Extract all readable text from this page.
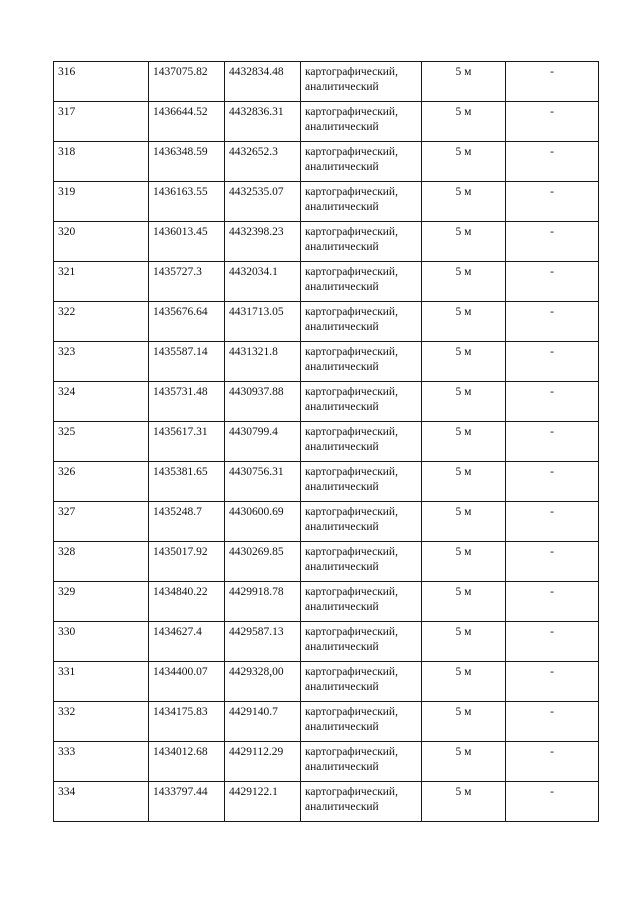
316	1437075.82	4432834.48	картографический, аналитический	5 м	-
317	1436644.52	4432836.31	картографический, аналитический	5 м	-
318	1436348.59	4432652.3	картографический, аналитический	5 м	-
319	1436163.55	4432535.07	картографический, аналитический	5 м	-
320	1436013.45	4432398.23	картографический, аналитический	5 м	-
321	1435727.3	4432034.1	картографический, аналитический	5 м	-
322	1435676.64	4431713.05	картографический, аналитический	5 м	-
323	1435587.14	4431321.8	картографический, аналитический	5 м	-
324	1435731.48	4430937.88	картографический, аналитический	5 м	-
325	1435617.31	4430799.4	картографический, аналитический	5 м	-
326	1435381.65	4430756.31	картографический, аналитический	5 м	-
327	1435248.7	4430600.69	картографический, аналитический	5 м	-
328	1435017.92	4430269.85	картографический, аналитический	5 м	-
329	1434840.22	4429918.78	картографический, аналитический	5 м	-
330	1434627.4	4429587.13	картографический, аналитический	5 м	-
331	1434400.07	4429328,00	картографический, аналитический	5 м	-
332	1434175.83	4429140.7	картографический, аналитический	5 м	-
333	1434012.68	4429112.29	картографический, аналитический	5 м	-
334	1433797.44	4429122.1	картографический, аналитический	5 м	-
